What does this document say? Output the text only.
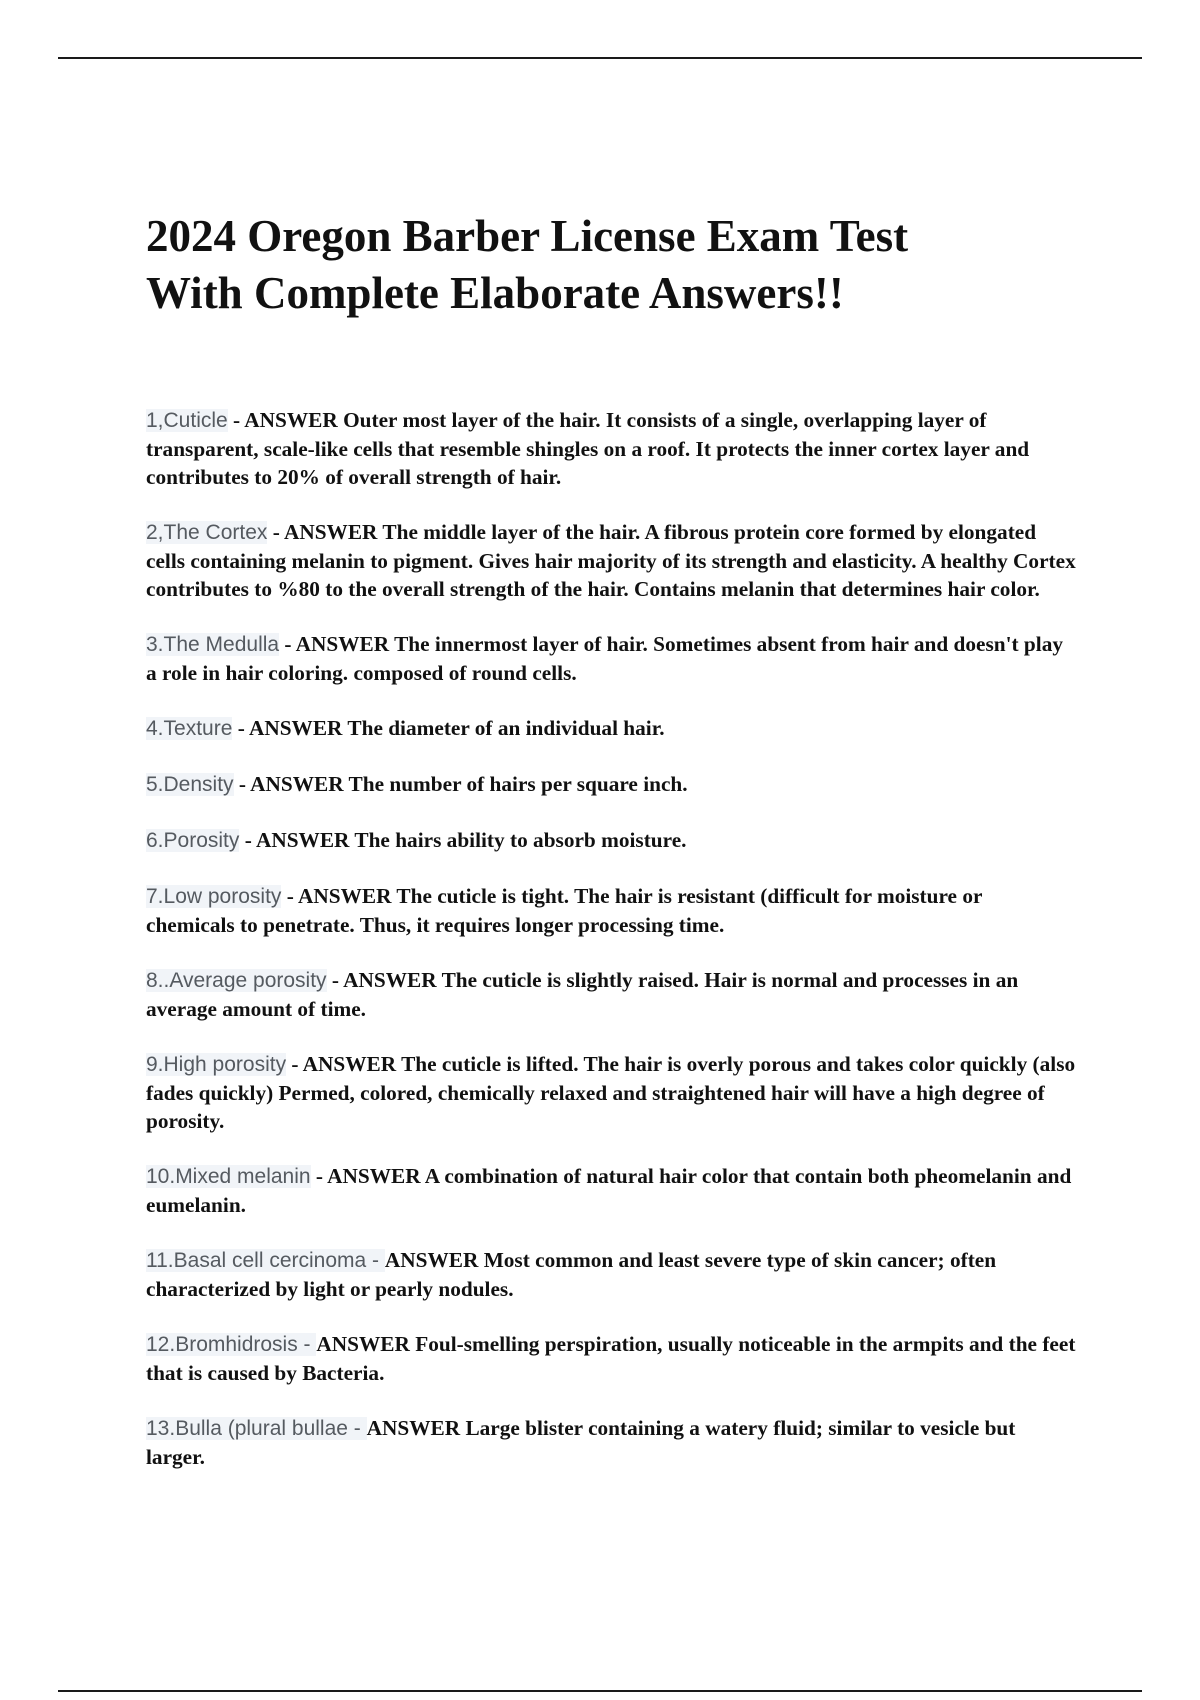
2024 Oregon Barber License Exam Test
With Complete Elaborate Answers!!

1,Cuticle - ANSWER Outer most layer of the hair. It consists of a single, overlapping layer of transparent, scale-like cells that resemble shingles on a roof. It protects the inner cortex layer and contributes to 20% of overall strength of hair.

2,The Cortex - ANSWER The middle layer of the hair. A fibrous protein core formed by elongated cells containing melanin to pigment. Gives hair majority of its strength and elasticity. A healthy Cortex contributes to %80 to the overall strength of the hair. Contains melanin that determines hair color.

3.The Medulla - ANSWER The innermost layer of hair. Sometimes absent from hair and doesn't play a role in hair coloring. composed of round cells.

4.Texture - ANSWER The diameter of an individual hair.

5.Density - ANSWER The number of hairs per square inch.

6.Porosity - ANSWER The hairs ability to absorb moisture.

7.Low porosity - ANSWER The cuticle is tight. The hair is resistant (difficult for moisture or chemicals to penetrate. Thus, it requires longer processing time.

8..Average porosity - ANSWER The cuticle is slightly raised. Hair is normal and processes in an average amount of time.

9.High porosity - ANSWER The cuticle is lifted. The hair is overly porous and takes color quickly (also fades quickly) Permed, colored, chemically relaxed and straightened hair will have a high degree of porosity.

10.Mixed melanin - ANSWER A combination of natural hair color that contain both pheomelanin and eumelanin.

11.Basal cell cercinoma - ANSWER Most common and least severe type of skin cancer; often characterized by light or pearly nodules.

12.Bromhidrosis - ANSWER Foul-smelling perspiration, usually noticeable in the armpits and the feet that is caused by Bacteria.

13.Bulla (plural bullae - ANSWER Large blister containing a watery fluid; similar to vesicle but larger.
